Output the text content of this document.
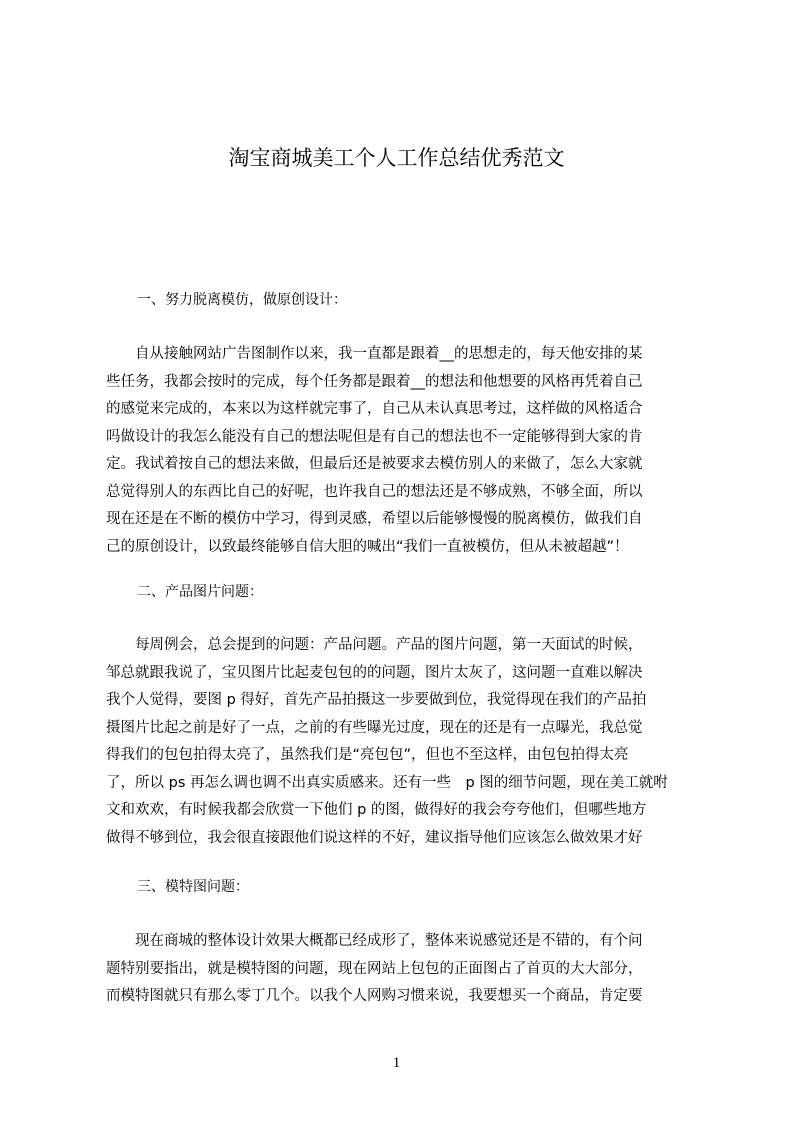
淘宝商城美工个人工作总结优秀范文

一、努力脱离模仿，做原创设计：

　　自从接触网站广告图制作以来，我一直都是跟着__的思想走的，每天他安排的某
些任务，我都会按时的完成，每个任务都是跟着__的想法和他想要的风格再凭着自己
的感觉来完成的，本来以为这样就完事了，自己从未认真思考过，这样做的风格适合
吗做设计的我怎么能没有自己的想法呢但是有自己的想法也不一定能够得到大家的肯
定。我试着按自己的想法来做，但最后还是被要求去模仿别人的来做了，怎么大家就
总觉得别人的东西比自己的好呢，也许我自己的想法还是不够成熟，不够全面，所以
现在还是在不断的模仿中学习，得到灵感，希望以后能够慢慢的脱离模仿，做我们自
己的原创设计，以致最终能够自信大胆的喊出“我们一直被模仿，但从未被超越”！

二、产品图片问题：

　　每周例会，总会提到的问题：产品问题。产品的图片问题，第一天面试的时候，
邹总就跟我说了，宝贝图片比起麦包包的的问题，图片太灰了，这问题一直难以解决
我个人觉得，要图 p 得好，首先产品拍摄这一步要做到位，我觉得现在我们的产品拍
摄图片比起之前是好了一点，之前的有些曝光过度，现在的还是有一点曝光，我总觉
得我们的包包拍得太亮了，虽然我们是“亮包包”，但也不至这样，由包包拍得太亮
了，所以 ps 再怎么调也调不出真实质感来。还有一些　p 图的细节问题，现在美工就咐
文和欢欢，有时候我都会欣赏一下他们 p 的图，做得好的我会夸夸他们，但哪些地方
做得不够到位，我会很直接跟他们说这样的不好，建议指导他们应该怎么做效果才好

三、模特图问题：

　　现在商城的整体设计效果大概都已经成形了，整体来说感觉还是不错的，有个问
题特别要指出，就是模特图的问题，现在网站上包包的正面图占了首页的大大部分，
而模特图就只有那么零丁几个。以我个人网购习惯来说，我要想买一个商品，肯定要
1
